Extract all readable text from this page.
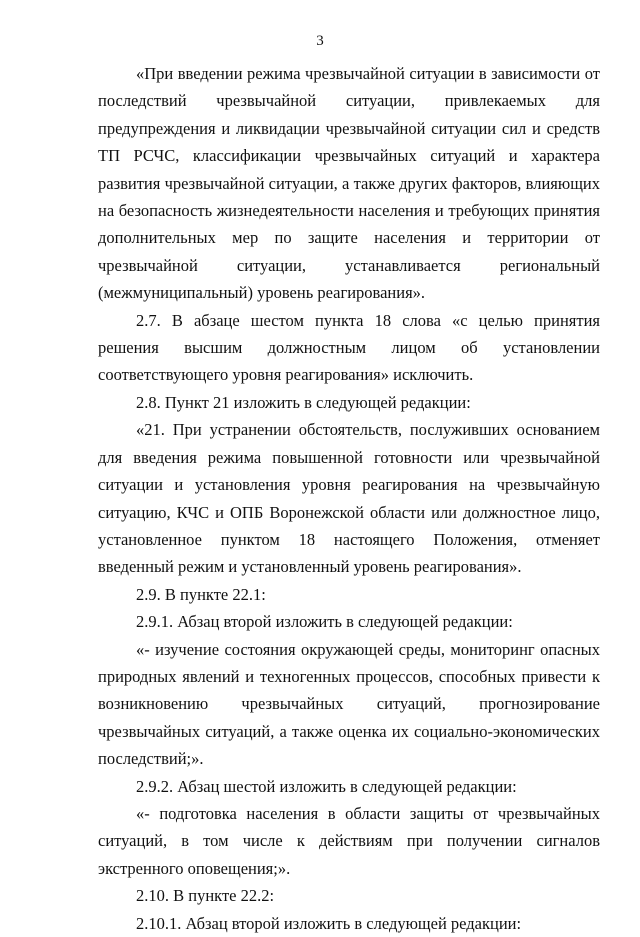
3

«При введении режима чрезвычайной ситуации в зависимости от последствий чрезвычайной ситуации, привлекаемых для предупреждения и ликвидации чрезвычайной ситуации сил и средств ТП РСЧС, классификации чрезвычайных ситуаций и характера развития чрезвычайной ситуации, а также других факторов, влияющих на безопасность жизнедеятельности населения и требующих принятия дополнительных мер по защите населения и территории от чрезвычайной ситуации, устанавливается региональный (межмуниципальный) уровень реагирования».

2.7. В абзаце шестом пункта 18 слова «с целью принятия решения высшим должностным лицом об установлении соответствующего уровня реагирования» исключить.

2.8. Пункт 21 изложить в следующей редакции:

«21. При устранении обстоятельств, послуживших основанием для введения режима повышенной готовности или чрезвычайной ситуации и установления уровня реагирования на чрезвычайную ситуацию, КЧС и ОПБ Воронежской области или должностное лицо, установленное пунктом 18 настоящего Положения, отменяет введенный режим и установленный уровень реагирования».

2.9. В пункте 22.1:

2.9.1. Абзац второй изложить в следующей редакции:

«- изучение состояния окружающей среды, мониторинг опасных природных явлений и техногенных процессов, способных привести к возникновению чрезвычайных ситуаций, прогнозирование чрезвычайных ситуаций, а также оценка их социально-экономических последствий;».

2.9.2. Абзац шестой изложить в следующей редакции:

«- подготовка населения в области защиты от чрезвычайных ситуаций, в том числе к действиям при получении сигналов экстренного оповещения;».

2.10. В пункте 22.2:

2.10.1. Абзац второй изложить в следующей редакции:
